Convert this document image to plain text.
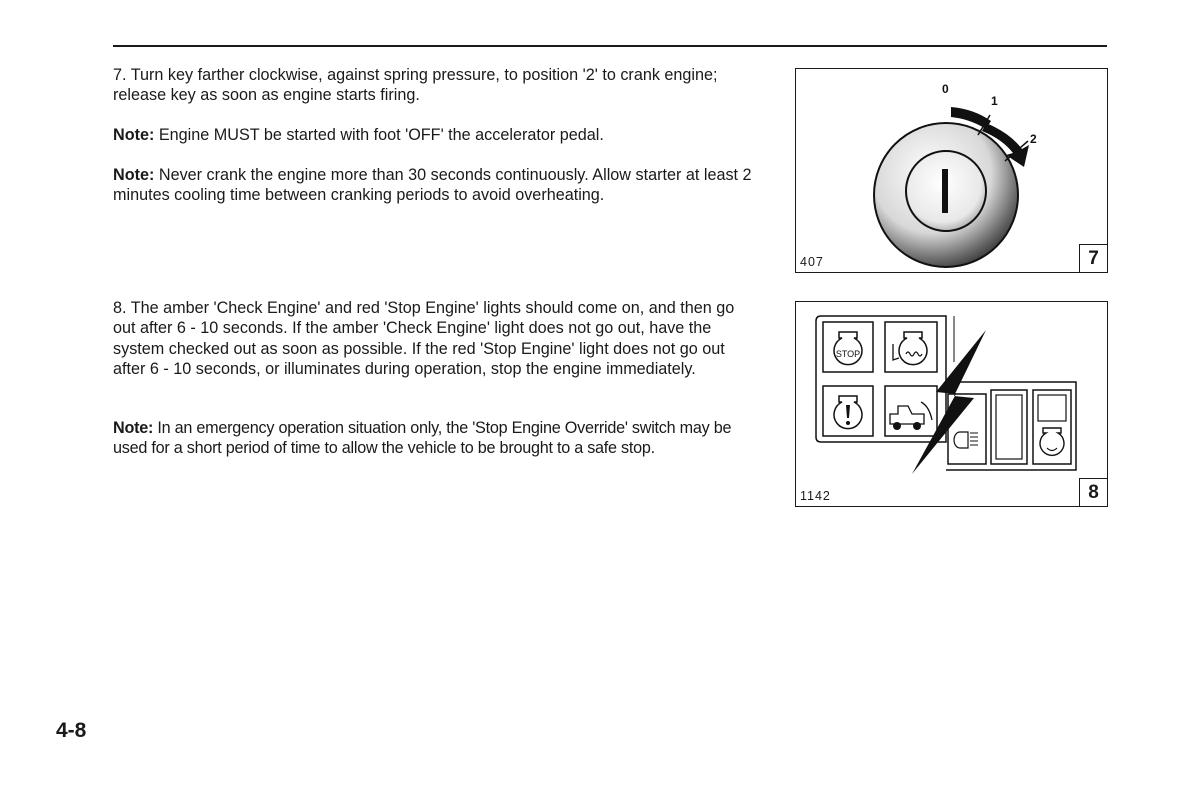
7. Turn key farther clockwise, against spring pressure, to position '2' to crank engine; release key as soon as engine starts firing.

Note: Engine MUST be started with foot 'OFF' the accelerator pedal.

Note: Never crank the engine more than 30 seconds continuously. Allow starter at least 2 minutes cooling time between cranking periods to avoid overheating.

8. The amber 'Check Engine' and red 'Stop Engine' lights should come on, and then go out after 6 - 10 seconds. If the amber 'Check Engine' light does not go out, have the system checked out as soon as possible. If the red 'Stop Engine' light does not go out after 6 - 10 seconds, or illuminates during operation, stop the engine immediately.

Note: In an emergency operation situation only, the 'Stop Engine Override' switch may be used for a short period of time to allow the vehicle to be brought to a safe stop.

0
1
2
407	7
STOP
1142	8
4-8
